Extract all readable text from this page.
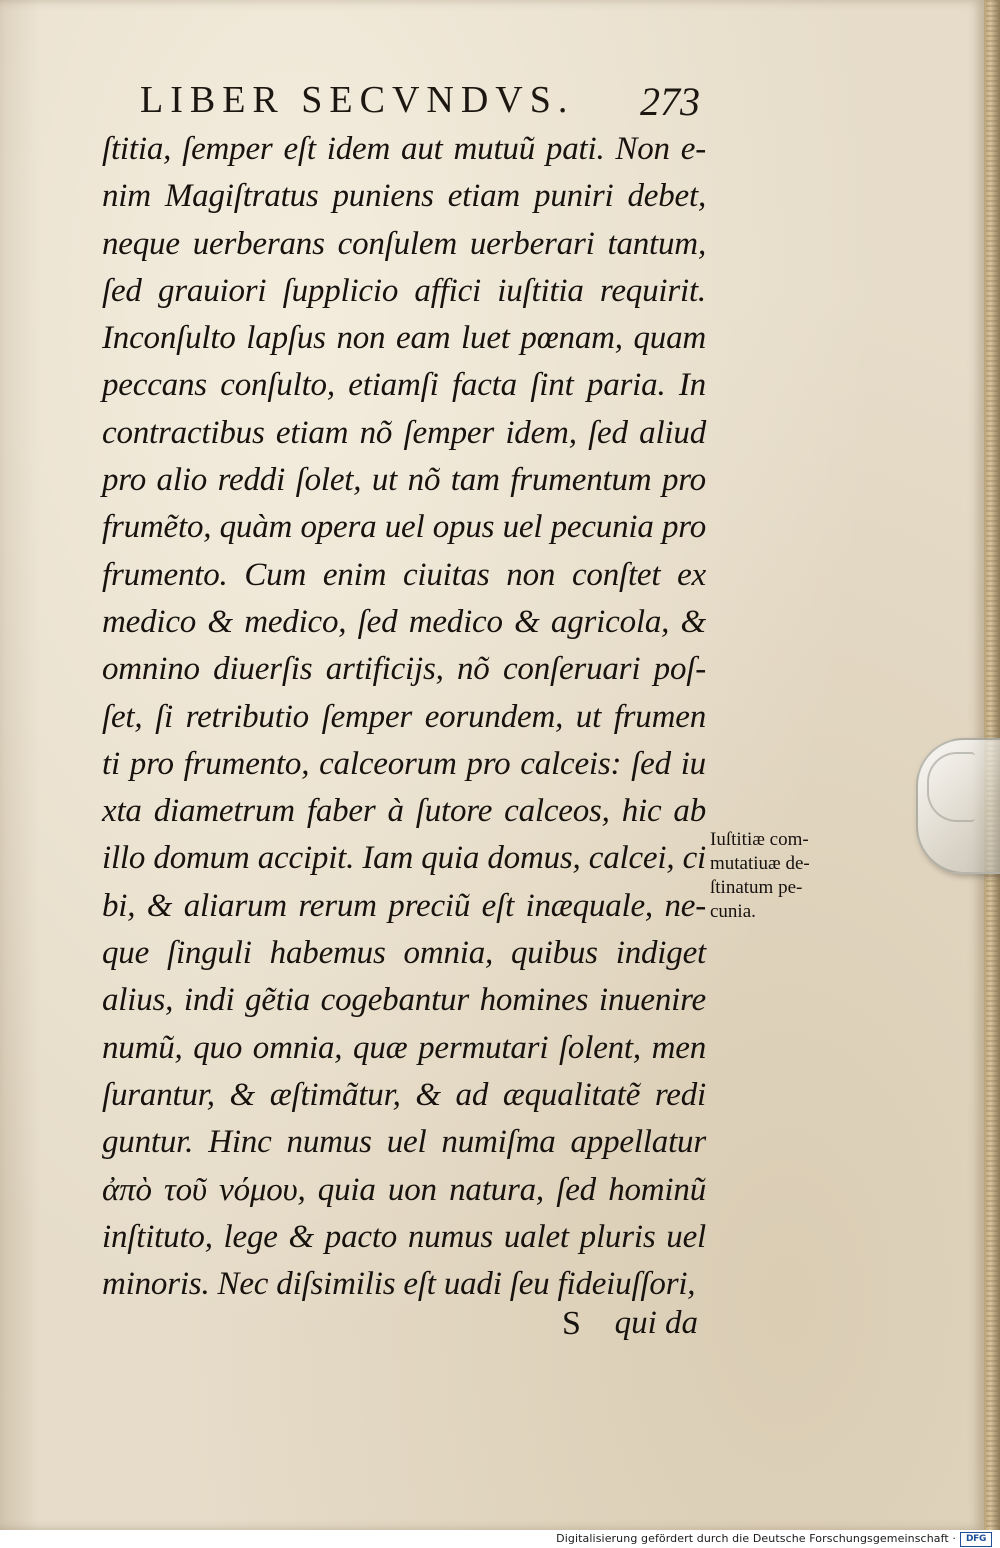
LIBER SECVNDVS. 273
ſtitia, ſemper eſt idem aut mutuũ pati. Non e-
nim Magiſtratus puniens etiam puniri debet,
neque uerberans conſulem uerberari tantum,
ſed grauiori ſupplicio affici iuſtitia requirit.
Inconſulto lapſus non eam luet pœnam, quam
peccans conſulto, etiamſi facta ſint paria. In
contractibus etiam nõ ſemper idem, ſed aliud
pro alio reddi ſolet, ut nõ tam frumentum pro
frumẽto, quàm opera uel opus uel pecunia pro
frumento. Cum enim ciuitas non conſtet ex
medico & medico, ſed medico & agricola, &
omnino diuerſis artificijs, nõ conſeruari poſ-
ſet, ſi retributio ſemper eorundem, ut frumen
ti pro frumento, calceorum pro calceis: ſed iu
xta diametrum faber à ſutore calceos, hic ab
illo domum accipit. Iam quia domus, calcei, ci
bi, & aliarum rerum preciũ eſt inæquale, ne-
que ſinguli habemus omnia, quibus indiget
alius, indi gẽtia cogebantur homines inuenire
numũ, quo omnia, quæ permutari ſolent, men
ſurantur, & æſtimãtur, & ad æqualitatẽ redi
guntur. Hinc numus uel numiſma appellatur
ἀπὸ τοῦ νόμου, quia uon natura, ſed hominũ
inſtituto, lege & pacto numus ualet pluris uel
minoris. Nec diſsimilis eſt uadi ſeu fideiuſſori,
S qui da
Iuſtitiæ com-
mutatiuæ de-
ſtinatum pe-
cunia.
Digitalisierung gefördert durch die Deutsche Forschungsgemeinschaft ·	DFG
